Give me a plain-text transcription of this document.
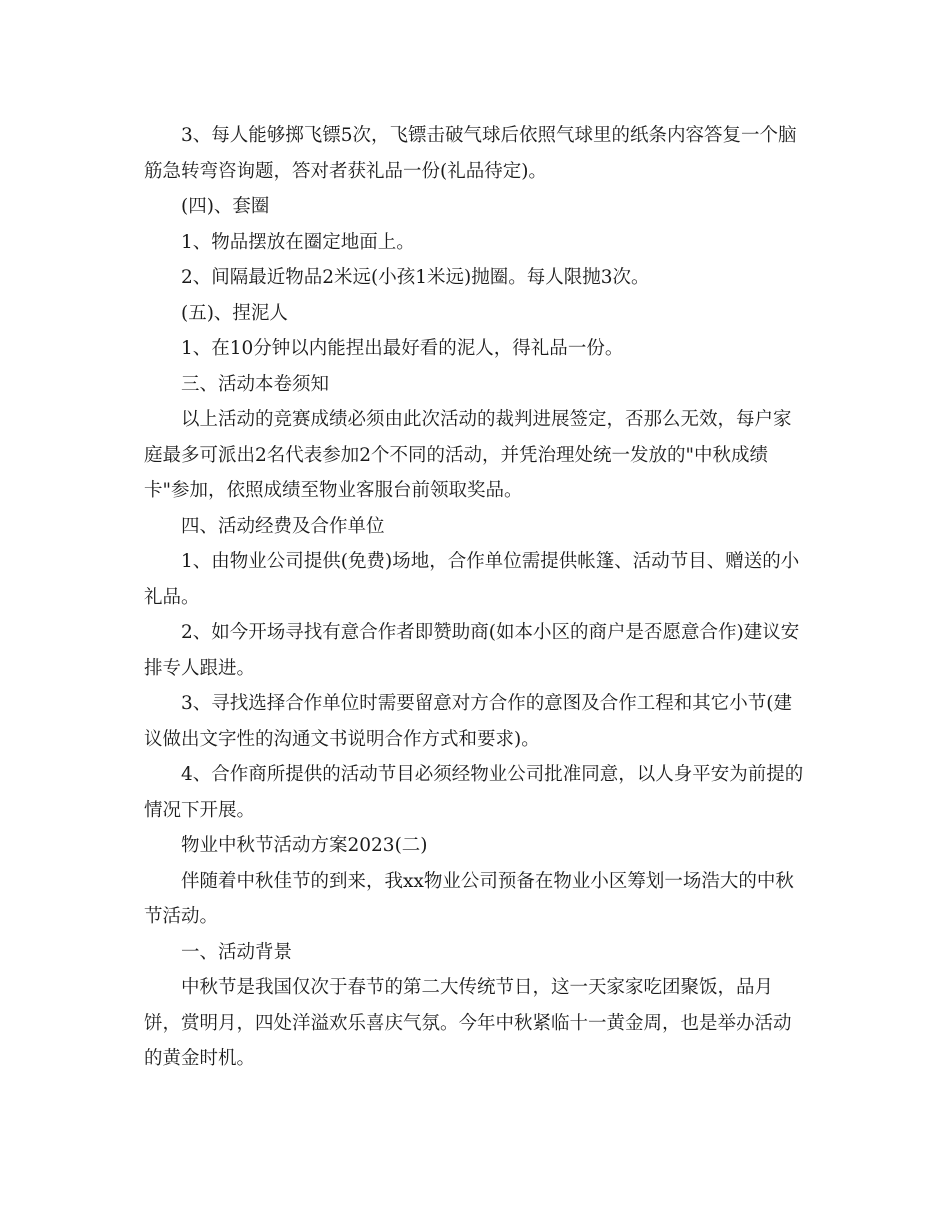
3、每人能够掷飞镖5次，飞镖击破气球后依照气球里的纸条内容答复一个脑
筋急转弯咨询题，答对者获礼品一份(礼品待定)。

(四)、套圈

1、物品摆放在圈定地面上。

2、间隔最近物品2米远(小孩1米远)抛圈。每人限抛3次。

(五)、捏泥人

1、在10分钟以内能捏出最好看的泥人，得礼品一份。

三、活动本卷须知

以上活动的竞赛成绩必须由此次活动的裁判进展签定，否那么无效，每户家
庭最多可派出2名代表参加2个不同的活动，并凭治理处统一发放的"中秋成绩
卡"参加，依照成绩至物业客服台前领取奖品。

四、活动经费及合作单位

1、由物业公司提供(免费)场地，合作单位需提供帐篷、活动节目、赠送的小
礼品。

2、如今开场寻找有意合作者即赞助商(如本小区的商户是否愿意合作)建议安
排专人跟进。

3、寻找选择合作单位时需要留意对方合作的意图及合作工程和其它小节(建
议做出文字性的沟通文书说明合作方式和要求)。

4、合作商所提供的活动节目必须经物业公司批准同意，以人身平安为前提的
情况下开展。

物业中秋节活动方案2023(二)

伴随着中秋佳节的到来，我xx物业公司预备在物业小区筹划一场浩大的中秋
节活动。

一、活动背景

中秋节是我国仅次于春节的第二大传统节日，这一天家家吃团聚饭，品月
饼，赏明月，四处洋溢欢乐喜庆气氛。今年中秋紧临十一黄金周，也是举办活动
的黄金时机。
